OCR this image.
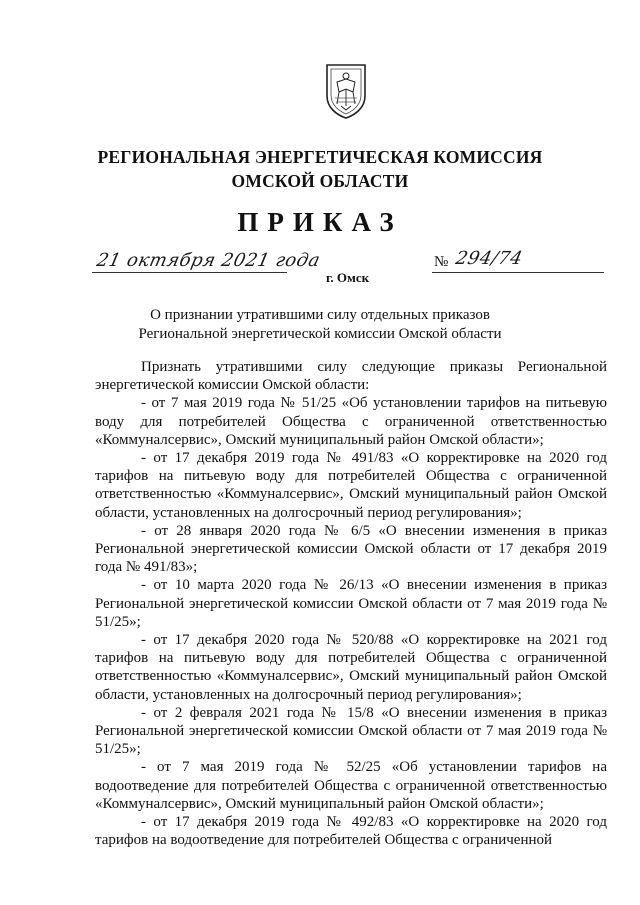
РЕГИОНАЛЬНАЯ ЭНЕРГЕТИЧЕСКАЯ КОМИССИЯ
ОМСКОЙ ОБЛАСТИ
ПРИКАЗ
21 октября 2021 года
г. Омск
№ 294/74
О признании утратившими силу отдельных приказов
Региональной энергетической комиссии Омской области

Признать утратившими силу следующие приказы Региональной энергетической комиссии Омской области:

- от 7 мая 2019 года № 51/25 «Об установлении тарифов на питьевую воду для потребителей Общества с ограниченной ответственностью «Коммуналсервис», Омский муниципальный район Омской области»;

- от 17 декабря 2019 года № 491/83 «О корректировке на 2020 год тарифов на питьевую воду для потребителей Общества с ограниченной ответственностью «Коммуналсервис», Омский муниципальный район Омской области, установленных на долгосрочный период регулирования»;

- от 28 января 2020 года № 6/5 «О внесении изменения в приказ Региональной энергетической комиссии Омской области от 17 декабря 2019 года № 491/83»;

- от 10 марта 2020 года № 26/13 «О внесении изменения в приказ Региональной энергетической комиссии Омской области от 7 мая 2019 года № 51/25»;

- от 17 декабря 2020 года № 520/88 «О корректировке на 2021 год тарифов на питьевую воду для потребителей Общества с ограниченной ответственностью «Коммуналсервис», Омский муниципальный район Омской области, установленных на долгосрочный период регулирования»;

- от 2 февраля 2021 года № 15/8 «О внесении изменения в приказ Региональной энергетической комиссии Омской области от 7 мая 2019 года № 51/25»;

- от 7 мая 2019 года № 52/25 «Об установлении тарифов на водоотведение для потребителей Общества с ограниченной ответственностью «Коммуналсервис», Омский муниципальный район Омской области»;

- от 17 декабря 2019 года № 492/83 «О корректировке на 2020 год тарифов на водоотведение для потребителей Общества с ограниченной
